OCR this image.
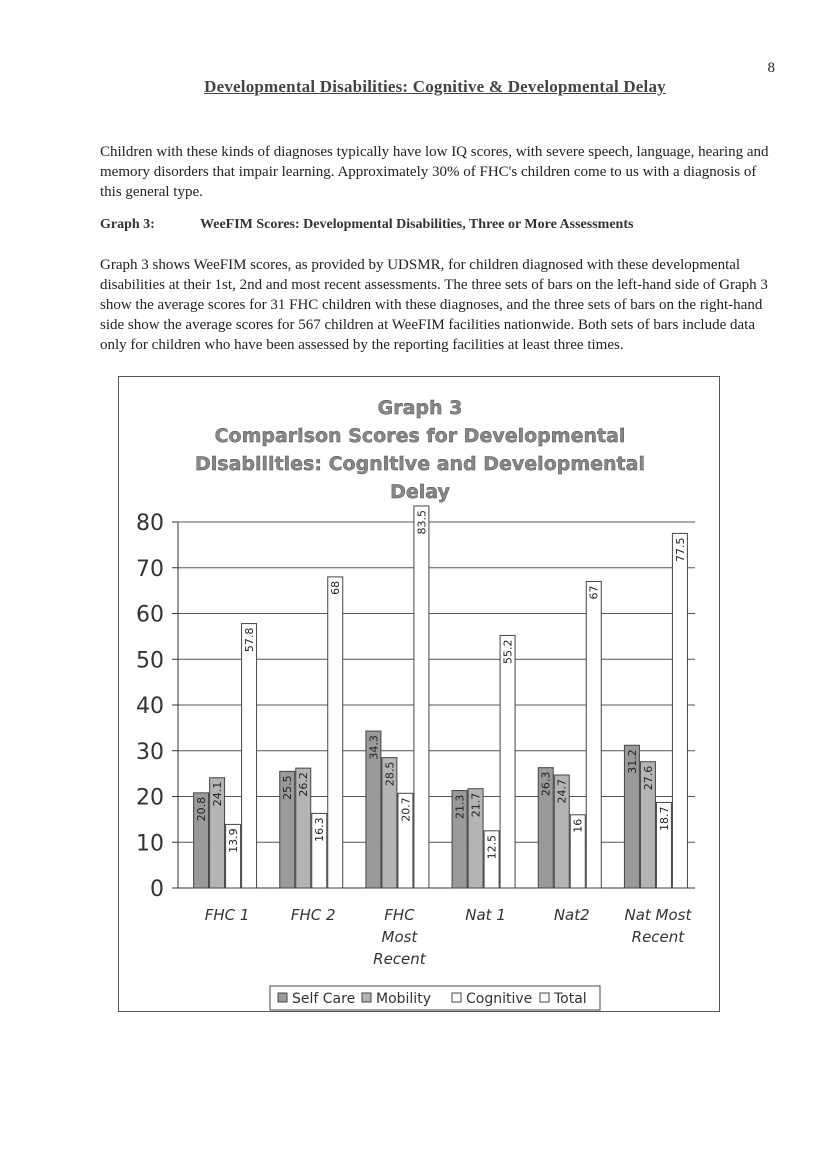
8
Developmental Disabilities: Cognitive & Developmental Delay

Children with these kinds of diagnoses typically have low IQ scores, with severe speech, language, hearing and memory disorders that impair learning. Approximately 30% of FHC's children come to us with a diagnosis of this general type.

Graph 3:	WeeFIM Scores: Developmental Disabilities, Three or More Assessments

Graph 3 shows WeeFIM scores, as provided by UDSMR, for children diagnosed with these developmental disabilities at their 1st, 2nd and most recent assessments. The three sets of bars on the left-hand side of Graph 3 show the average scores for 31 FHC children with these diagnoses, and the three sets of bars on the right-hand side show the average scores for 567 children at WeeFIM facilities nationwide. Both sets of bars include data only for children who have been assessed by the reporting facilities at least three times.

Graph 3
Comparison Scores for Developmental
Disabilities: Cognitive and Developmental
Delay
0
10
20
30
40
50
60
70
80
20.8
24.1
13.9
57.8
FHC 1
25.5 26.2
16.3
68
FHC 2
34.3
28.5
20.7
83.5
FHC
Most
Recent
21.3 21.7
12.5
55.2
Nat 1
26.3 24.7
16
67
Nat2
31.2
27.6
18.7
77.5
Nat Most
Recent
Self Care Mobility	Cognitive Total
